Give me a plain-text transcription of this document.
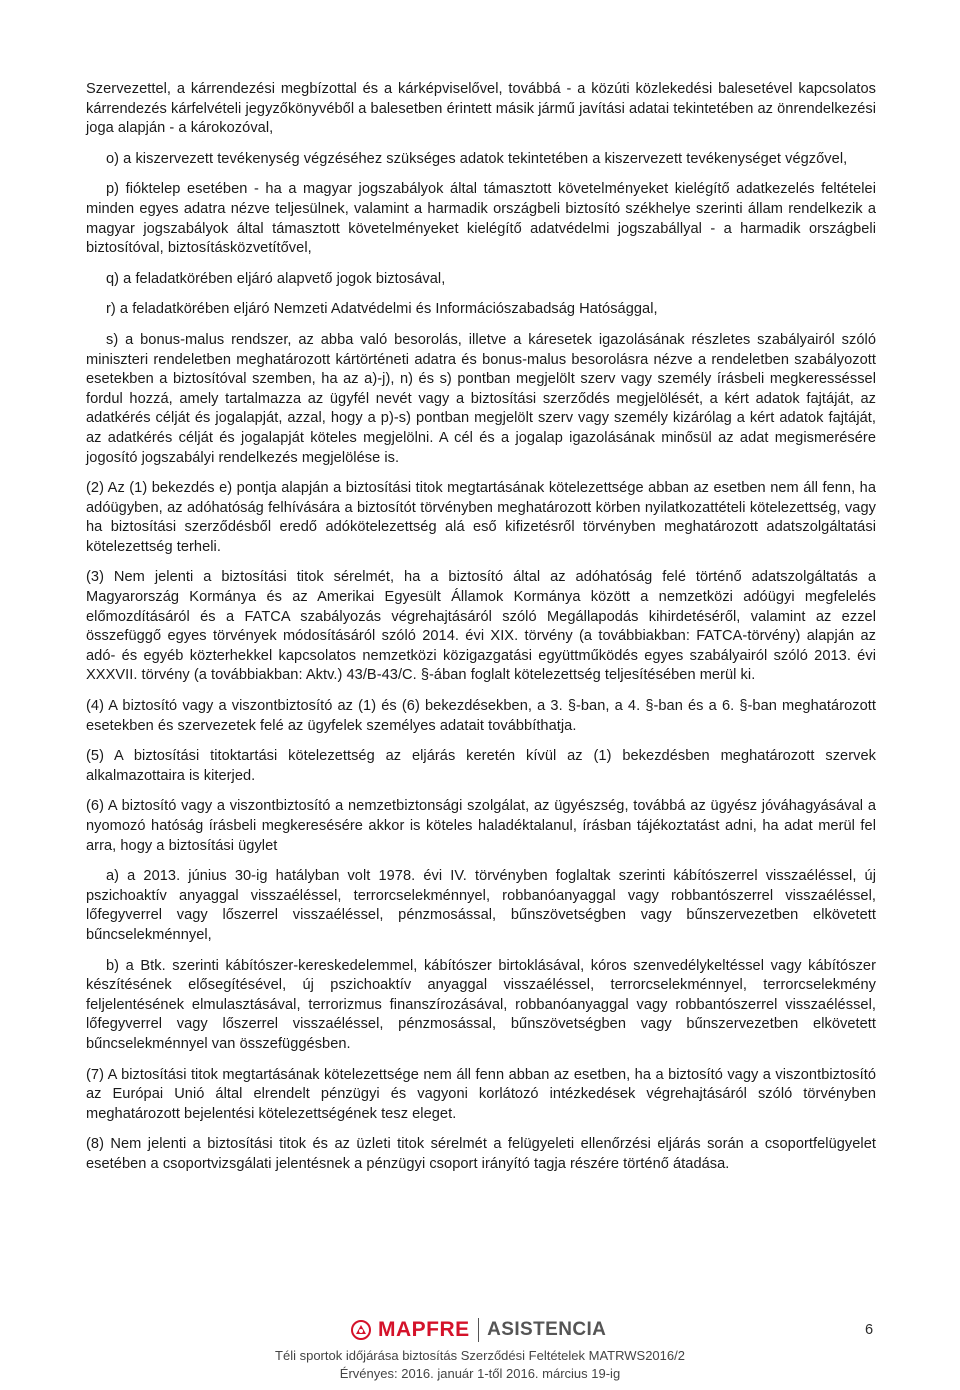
Szervezettel, a kárrendezési megbízottal és a kárképviselővel, továbbá - a közúti közlekedési balesetével kapcsolatos kárrendezés kárfelvételi jegyzőkönyvéből a balesetben érintett másik jármű javítási adatai tekintetében az önrendelkezési joga alapján - a károkozóval,

o) a kiszervezett tevékenység végzéséhez szükséges adatok tekintetében a kiszervezett tevékenységet végzővel,

p) fióktelep esetében - ha a magyar jogszabályok által támasztott követelményeket kielégítő adatkezelés feltételei minden egyes adatra nézve teljesülnek, valamint a harmadik országbeli biztosító székhelye szerinti állam rendelkezik a magyar jogszabályok által támasztott követelményeket kielégítő adatvédelmi jogszabállyal - a harmadik országbeli biztosítóval, biztosításközvetítővel,

q) a feladatkörében eljáró alapvető jogok biztosával,

r) a feladatkörében eljáró Nemzeti Adatvédelmi és Információszabadság Hatósággal,

s) a bonus-malus rendszer, az abba való besorolás, illetve a káresetek igazolásának részletes szabályairól szóló miniszteri rendeletben meghatározott kártörténeti adatra és bonus-malus besorolásra nézve a rendeletben szabályozott esetekben a biztosítóval szemben, ha az a)-j), n) és s) pontban megjelölt szerv vagy személy írásbeli megkeresséssel fordul hozzá, amely tartalmazza az ügyfél nevét vagy a biztosítási szerződés megjelölését, a kért adatok fajtáját, az adatkérés célját és jogalapját, azzal, hogy a p)-s) pontban megjelölt szerv vagy személy kizárólag a kért adatok fajtáját, az adatkérés célját és jogalapját köteles megjelölni. A cél és a jogalap igazolásának minősül az adat megismerésére jogosító jogszabályi rendelkezés megjelölése is.

(2) Az (1) bekezdés e) pontja alapján a biztosítási titok megtartásának kötelezettsége abban az esetben nem áll fenn, ha adóügyben, az adóhatóság felhívására a biztosítót törvényben meghatározott körben nyilatkozattételi kötelezettség, vagy ha biztosítási szerződésből eredő adókötelezettség alá eső kifizetésről törvényben meghatározott adatszolgáltatási kötelezettség terheli.

(3) Nem jelenti a biztosítási titok sérelmét, ha a biztosító által az adóhatóság felé történő adatszolgáltatás a Magyarország Kormánya és az Amerikai Egyesült Államok Kormánya között a nemzetközi adóügyi megfelelés előmozdításáról és a FATCA szabályozás végrehajtásáról szóló Megállapodás kihirdetéséről, valamint az ezzel összefüggő egyes törvények módosításáról szóló 2014. évi XIX. törvény (a továbbiakban: FATCA-törvény) alapján az adó- és egyéb közterhekkel kapcsolatos nemzetközi közigazgatási együttműködés egyes szabályairól szóló 2013. évi XXXVII. törvény (a továbbiakban: Aktv.) 43/B-43/C. §-ában foglalt kötelezettség teljesítésében merül ki.

(4) A biztosító vagy a viszontbiztosító az (1) és (6) bekezdésekben, a 3. §-ban, a 4. §-ban és a 6. §-ban meghatározott esetekben és szervezetek felé az ügyfelek személyes adatait továbbíthatja.

(5) A biztosítási titoktartási kötelezettség az eljárás keretén kívül az (1) bekezdésben meghatározott szervek alkalmazottaira is kiterjed.

(6) A biztosító vagy a viszontbiztosító a nemzetbiztonsági szolgálat, az ügyészség, továbbá az ügyész jóváhagyásával a nyomozó hatóság írásbeli megkeresésére akkor is köteles haladéktalanul, írásban tájékoztatást adni, ha adat merül fel arra, hogy a biztosítási ügylet

a) a 2013. június 30-ig hatályban volt 1978. évi IV. törvényben foglaltak szerinti kábítószerrel visszaéléssel, új pszichoaktív anyaggal visszaéléssel, terrorcselekménnyel, robbanóanyaggal vagy robbantószerrel visszaéléssel, lőfegyverrel vagy lőszerrel visszaéléssel, pénzmosással, bűnszövetségben vagy bűnszervezetben elkövetett bűncselekménnyel,

b) a Btk. szerinti kábítószer-kereskedelemmel, kábítószer birtoklásával, kóros szenvedélykeltéssel vagy kábítószer készítésének elősegítésével, új pszichoaktív anyaggal visszaéléssel, terrorcselekménnyel, terrorcselekmény feljelentésének elmulasztásával, terrorizmus finanszírozásával, robbanóanyaggal vagy robbantószerrel visszaéléssel, lőfegyverrel vagy lőszerrel visszaéléssel, pénzmosással, bűnszövetségben vagy bűnszervezetben elkövetett bűncselekménnyel van összefüggésben.

(7) A biztosítási titok megtartásának kötelezettsége nem áll fenn abban az esetben, ha a biztosító vagy a viszontbiztosító az Európai Unió által elrendelt pénzügyi és vagyoni korlátozó intézkedések végrehajtásáról szóló törvényben meghatározott bejelentési kötelezettségének tesz eleget.

(8) Nem jelenti a biztosítási titok és az üzleti titok sérelmét a felügyeleti ellenőrzési eljárás során a csoportfelügyelet esetében a csoportvizsgálati jelentésnek a pénzügyi csoport irányító tagja részére történő átadása.

MAPFRE ASISTENCIA	6
Téli sportok időjárása biztosítás Szerződési Feltételek MATRWS2016/2
Érvényes: 2016. január 1-től 2016. március 19-ig
